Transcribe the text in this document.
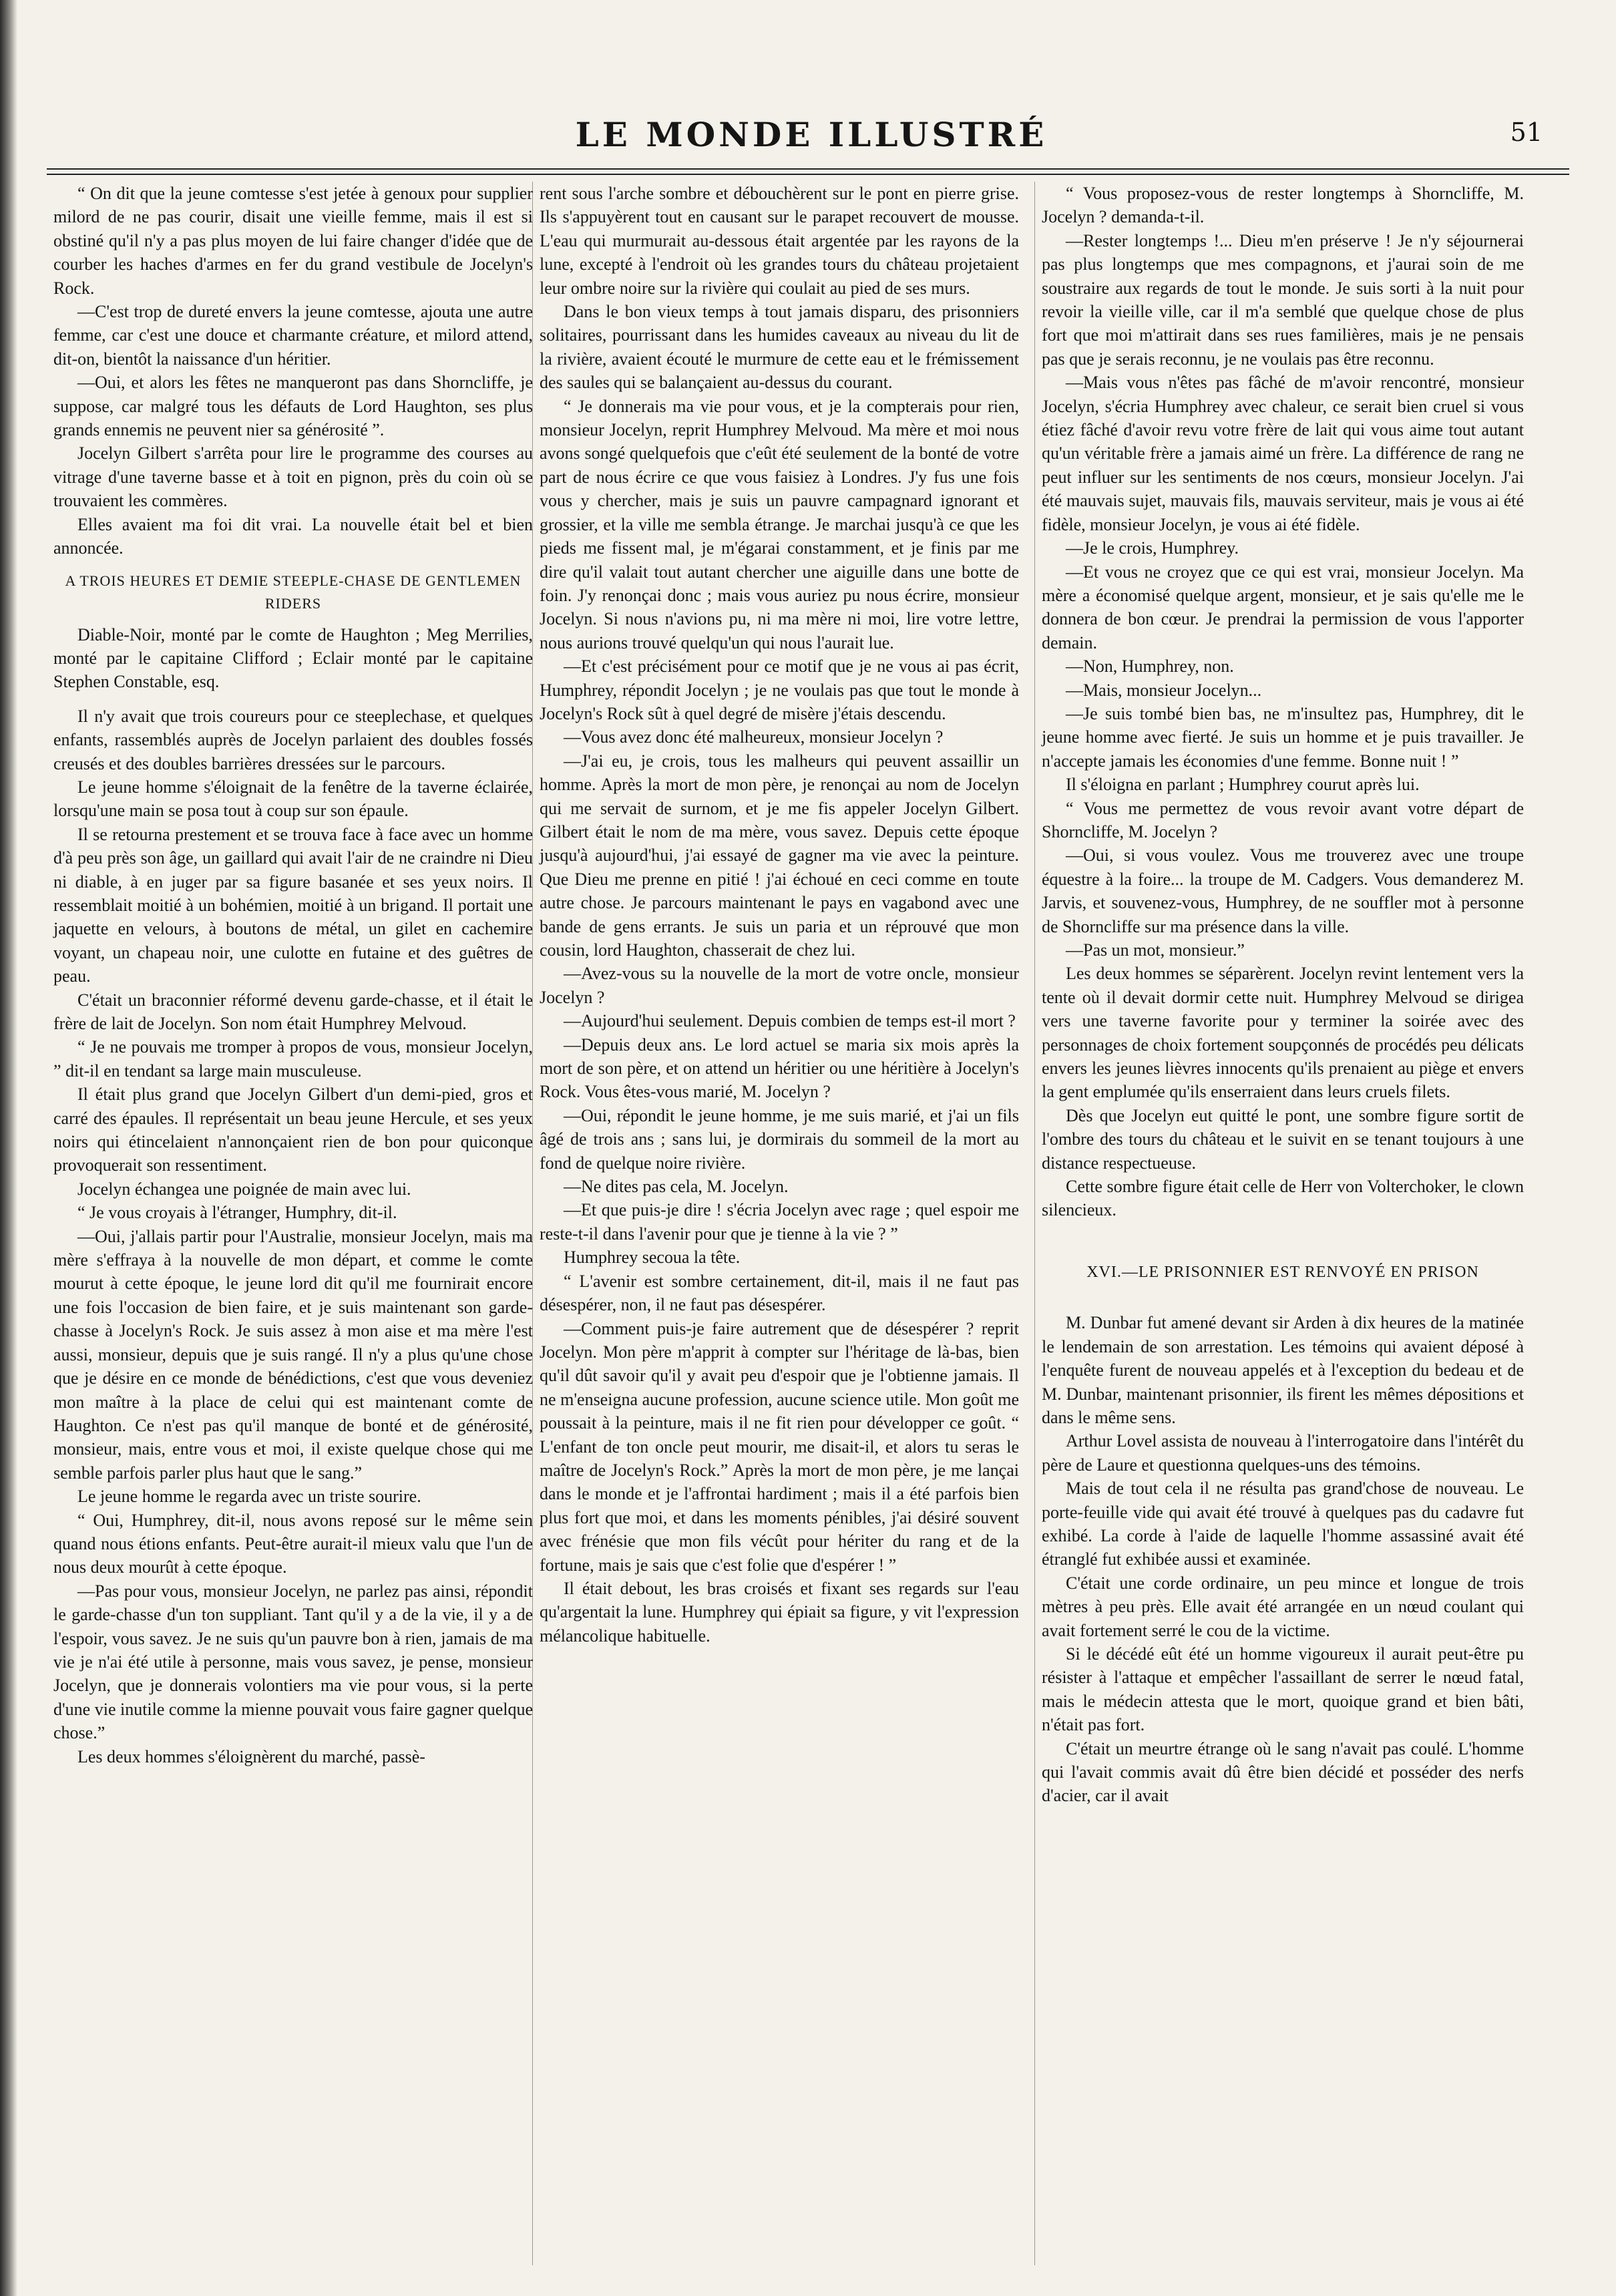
LE MONDE ILLUSTRÉ	51

“ On dit que la jeune comtesse s'est jetée à genoux pour supplier milord de ne pas courir, disait une vieille femme, mais il est si obstiné qu'il n'y a pas plus moyen de lui faire changer d'idée que de courber les haches d'armes en fer du grand vestibule de Jocelyn's Rock.

—C'est trop de dureté envers la jeune comtesse, ajouta une autre femme, car c'est une douce et charmante créature, et milord attend, dit-on, bientôt la naissance d'un héritier.

—Oui, et alors les fêtes ne manqueront pas dans Shorncliffe, je suppose, car malgré tous les défauts de Lord Haughton, ses plus grands ennemis ne peuvent nier sa générosité ”.

Jocelyn Gilbert s'arrêta pour lire le programme des courses au vitrage d'une taverne basse et à toit en pignon, près du coin où se trouvaient les commères.

Elles avaient ma foi dit vrai. La nouvelle était bel et bien annoncée.

A TROIS HEURES ET DEMIE STEEPLE-CHASE DE GENTLEMEN RIDERS

Diable-Noir, monté par le comte de Haughton ; Meg Merrilies, monté par le capitaine Clifford ; Eclair monté par le capitaine Stephen Constable, esq.

Il n'y avait que trois coureurs pour ce steeplechase, et quelques enfants, rassemblés auprès de Jocelyn parlaient des doubles fossés creusés et des doubles barrières dressées sur le parcours.

Le jeune homme s'éloignait de la fenêtre de la taverne éclairée, lorsqu'une main se posa tout à coup sur son épaule.

Il se retourna prestement et se trouva face à face avec un homme d'à peu près son âge, un gaillard qui avait l'air de ne craindre ni Dieu ni diable, à en juger par sa figure basanée et ses yeux noirs. Il ressemblait moitié à un bohémien, moitié à un brigand. Il portait une jaquette en velours, à boutons de métal, un gilet en cachemire voyant, un chapeau noir, une culotte en futaine et des guêtres de peau.

C'était un braconnier réformé devenu garde-chasse, et il était le frère de lait de Jocelyn. Son nom était Humphrey Melvoud.

“ Je ne pouvais me tromper à propos de vous, monsieur Jocelyn, ” dit-il en tendant sa large main musculeuse.

Il était plus grand que Jocelyn Gilbert d'un demi-pied, gros et carré des épaules. Il représentait un beau jeune Hercule, et ses yeux noirs qui étincelaient n'annonçaient rien de bon pour quiconque provoquerait son ressentiment.

Jocelyn échangea une poignée de main avec lui.

“ Je vous croyais à l'étranger, Humphry, dit-il.

—Oui, j'allais partir pour l'Australie, monsieur Jocelyn, mais ma mère s'effraya à la nouvelle de mon départ, et comme le comte mourut à cette époque, le jeune lord dit qu'il me fournirait encore une fois l'occasion de bien faire, et je suis maintenant son garde-chasse à Jocelyn's Rock. Je suis assez à mon aise et ma mère l'est aussi, monsieur, depuis que je suis rangé. Il n'y a plus qu'une chose que je désire en ce monde de bénédictions, c'est que vous deveniez mon maître à la place de celui qui est maintenant comte de Haughton. Ce n'est pas qu'il manque de bonté et de générosité, monsieur, mais, entre vous et moi, il existe quelque chose qui me semble parfois parler plus haut que le sang.”

Le jeune homme le regarda avec un triste sourire.

“ Oui, Humphrey, dit-il, nous avons reposé sur le même sein quand nous étions enfants. Peut-être aurait-il mieux valu que l'un de nous deux mourût à cette époque.

—Pas pour vous, monsieur Jocelyn, ne parlez pas ainsi, répondit le garde-chasse d'un ton suppliant. Tant qu'il y a de la vie, il y a de l'espoir, vous savez. Je ne suis qu'un pauvre bon à rien, jamais de ma vie je n'ai été utile à personne, mais vous savez, je pense, monsieur Jocelyn, que je donnerais volontiers ma vie pour vous, si la perte d'une vie inutile comme la mienne pouvait vous faire gagner quelque chose.”

Les deux hommes s'éloignèrent du marché, passè-

rent sous l'arche sombre et débouchèrent sur le pont en pierre grise. Ils s'appuyèrent tout en causant sur le parapet recouvert de mousse. L'eau qui murmurait au-dessous était argentée par les rayons de la lune, excepté à l'endroit où les grandes tours du château projetaient leur ombre noire sur la rivière qui coulait au pied de ses murs.

Dans le bon vieux temps à tout jamais disparu, des prisonniers solitaires, pourrissant dans les humides caveaux au niveau du lit de la rivière, avaient écouté le murmure de cette eau et le frémissement des saules qui se balançaient au-dessus du courant.

“ Je donnerais ma vie pour vous, et je la compterais pour rien, monsieur Jocelyn, reprit Humphrey Melvoud. Ma mère et moi nous avons songé quelquefois que c'eût été seulement de la bonté de votre part de nous écrire ce que vous faisiez à Londres. J'y fus une fois vous y chercher, mais je suis un pauvre campagnard ignorant et grossier, et la ville me sembla étrange. Je marchai jusqu'à ce que les pieds me fissent mal, je m'égarai constamment, et je finis par me dire qu'il valait tout autant chercher une aiguille dans une botte de foin. J'y renonçai donc ; mais vous auriez pu nous écrire, monsieur Jocelyn. Si nous n'avions pu, ni ma mère ni moi, lire votre lettre, nous aurions trouvé quelqu'un qui nous l'aurait lue.

—Et c'est précisément pour ce motif que je ne vous ai pas écrit, Humphrey, répondit Jocelyn ; je ne voulais pas que tout le monde à Jocelyn's Rock sût à quel degré de misère j'étais descendu.

—Vous avez donc été malheureux, monsieur Jocelyn ?

—J'ai eu, je crois, tous les malheurs qui peuvent assaillir un homme. Après la mort de mon père, je renonçai au nom de Jocelyn qui me servait de surnom, et je me fis appeler Jocelyn Gilbert. Gilbert était le nom de ma mère, vous savez. Depuis cette époque jusqu'à aujourd'hui, j'ai essayé de gagner ma vie avec la peinture. Que Dieu me prenne en pitié ! j'ai échoué en ceci comme en toute autre chose. Je parcours maintenant le pays en vagabond avec une bande de gens errants. Je suis un paria et un réprouvé que mon cousin, lord Haughton, chasserait de chez lui.

—Avez-vous su la nouvelle de la mort de votre oncle, monsieur Jocelyn ?

—Aujourd'hui seulement. Depuis combien de temps est-il mort ?

—Depuis deux ans. Le lord actuel se maria six mois après la mort de son père, et on attend un héritier ou une héritière à Jocelyn's Rock. Vous êtes-vous marié, M. Jocelyn ?

—Oui, répondit le jeune homme, je me suis marié, et j'ai un fils âgé de trois ans ; sans lui, je dormirais du sommeil de la mort au fond de quelque noire rivière.

—Ne dites pas cela, M. Jocelyn.

—Et que puis-je dire ! s'écria Jocelyn avec rage ; quel espoir me reste-t-il dans l'avenir pour que je tienne à la vie ? ”

Humphrey secoua la tête.

“ L'avenir est sombre certainement, dit-il, mais il ne faut pas désespérer, non, il ne faut pas désespérer.

—Comment puis-je faire autrement que de désespérer ? reprit Jocelyn. Mon père m'apprit à compter sur l'héritage de là-bas, bien qu'il dût savoir qu'il y avait peu d'espoir que je l'obtienne jamais. Il ne m'enseigna aucune profession, aucune science utile. Mon goût me poussait à la peinture, mais il ne fit rien pour développer ce goût. “ L'enfant de ton oncle peut mourir, me disait-il, et alors tu seras le maître de Jocelyn's Rock.” Après la mort de mon père, je me lançai dans le monde et je l'affrontai hardiment ; mais il a été parfois bien plus fort que moi, et dans les moments pénibles, j'ai désiré souvent avec frénésie que mon fils vécût pour hériter du rang et de la fortune, mais je sais que c'est folie que d'espérer ! ”

Il était debout, les bras croisés et fixant ses regards sur l'eau qu'argentait la lune. Humphrey qui épiait sa figure, y vit l'expression mélancolique habituelle.

“ Vous proposez-vous de rester longtemps à Shorncliffe, M. Jocelyn ? demanda-t-il.

—Rester longtemps !... Dieu m'en préserve ! Je n'y séjournerai pas plus longtemps que mes compagnons, et j'aurai soin de me soustraire aux regards de tout le monde. Je suis sorti à la nuit pour revoir la vieille ville, car il m'a semblé que quelque chose de plus fort que moi m'attirait dans ses rues familières, mais je ne pensais pas que je serais reconnu, je ne voulais pas être reconnu.

—Mais vous n'êtes pas fâché de m'avoir rencontré, monsieur Jocelyn, s'écria Humphrey avec chaleur, ce serait bien cruel si vous étiez fâché d'avoir revu votre frère de lait qui vous aime tout autant qu'un véritable frère a jamais aimé un frère. La différence de rang ne peut influer sur les sentiments de nos cœurs, monsieur Jocelyn. J'ai été mauvais sujet, mauvais fils, mauvais serviteur, mais je vous ai été fidèle, monsieur Jocelyn, je vous ai été fidèle.

—Je le crois, Humphrey.

—Et vous ne croyez que ce qui est vrai, monsieur Jocelyn. Ma mère a économisé quelque argent, monsieur, et je sais qu'elle me le donnera de bon cœur. Je prendrai la permission de vous l'apporter demain.

—Non, Humphrey, non.

—Mais, monsieur Jocelyn...

—Je suis tombé bien bas, ne m'insultez pas, Humphrey, dit le jeune homme avec fierté. Je suis un homme et je puis travailler. Je n'accepte jamais les économies d'une femme. Bonne nuit ! ”

Il s'éloigna en parlant ; Humphrey courut après lui.

“ Vous me permettez de vous revoir avant votre départ de Shorncliffe, M. Jocelyn ?

—Oui, si vous voulez. Vous me trouverez avec une troupe équestre à la foire... la troupe de M. Cadgers. Vous demanderez M. Jarvis, et souvenez-vous, Humphrey, de ne souffler mot à personne de Shorncliffe sur ma présence dans la ville.

—Pas un mot, monsieur.”

Les deux hommes se séparèrent. Jocelyn revint lentement vers la tente où il devait dormir cette nuit. Humphrey Melvoud se dirigea vers une taverne favorite pour y terminer la soirée avec des personnages de choix fortement soupçonnés de procédés peu délicats envers les jeunes lièvres innocents qu'ils prenaient au piège et envers la gent emplumée qu'ils enserraient dans leurs cruels filets.

Dès que Jocelyn eut quitté le pont, une sombre figure sortit de l'ombre des tours du château et le suivit en se tenant toujours à une distance respectueuse.

Cette sombre figure était celle de Herr von Volterchoker, le clown silencieux.

XVI.—LE PRISONNIER EST RENVOYÉ EN PRISON

M. Dunbar fut amené devant sir Arden à dix heures de la matinée le lendemain de son arrestation. Les témoins qui avaient déposé à l'enquête furent de nouveau appelés et à l'exception du bedeau et de M. Dunbar, maintenant prisonnier, ils firent les mêmes dépositions et dans le même sens.

Arthur Lovel assista de nouveau à l'interrogatoire dans l'intérêt du père de Laure et questionna quelques-uns des témoins.

Mais de tout cela il ne résulta pas grand'chose de nouveau. Le porte-feuille vide qui avait été trouvé à quelques pas du cadavre fut exhibé. La corde à l'aide de laquelle l'homme assassiné avait été étranglé fut exhibée aussi et examinée.

C'était une corde ordinaire, un peu mince et longue de trois mètres à peu près. Elle avait été arrangée en un nœud coulant qui avait fortement serré le cou de la victime.

Si le décédé eût été un homme vigoureux il aurait peut-être pu résister à l'attaque et empêcher l'assaillant de serrer le nœud fatal, mais le médecin attesta que le mort, quoique grand et bien bâti, n'était pas fort.

C'était un meurtre étrange où le sang n'avait pas coulé. L'homme qui l'avait commis avait dû être bien décidé et posséder des nerfs d'acier, car il avait
